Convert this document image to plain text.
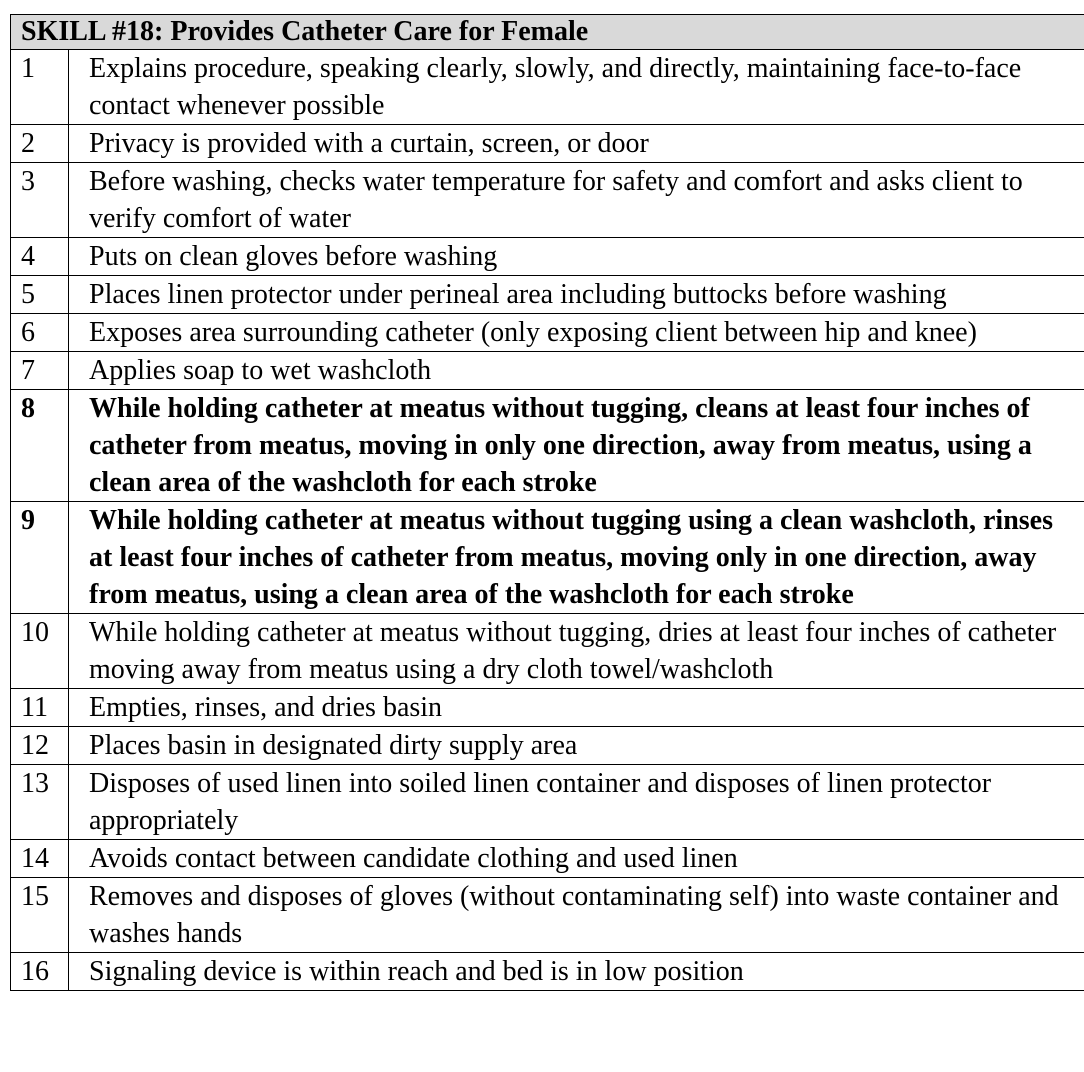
SKILL #18: Provides Catheter Care for Female	
1	Explains procedure, speaking clearly, slowly, and directly, maintaining face-to-face contact whenever possible
2	Privacy is provided with a curtain, screen, or door
3	Before washing, checks water temperature for safety and comfort and asks client to verify comfort of water
4	Puts on clean gloves before washing
5	Places linen protector under perineal area including buttocks before washing
6	Exposes area surrounding catheter (only exposing client between hip and knee)
7	Applies soap to wet washcloth
8	While holding catheter at meatus without tugging, cleans at least four inches of catheter from meatus, moving in only one direction, away from meatus, using a clean area of the washcloth for each stroke
9	While holding catheter at meatus without tugging using a clean washcloth, rinses at least four inches of catheter from meatus, moving only in one direction, away from meatus, using a clean area of the washcloth for each stroke
10	While holding catheter at meatus without tugging, dries at least four inches of catheter moving away from meatus using a dry cloth towel/washcloth
11	Empties, rinses, and dries basin
12	Places basin in designated dirty supply area
13	Disposes of used linen into soiled linen container and disposes of linen protector appropriately
14	Avoids contact between candidate clothing and used linen
15	Removes and disposes of gloves (without contaminating self) into waste container and washes hands
16	Signaling device is within reach and bed is in low position
